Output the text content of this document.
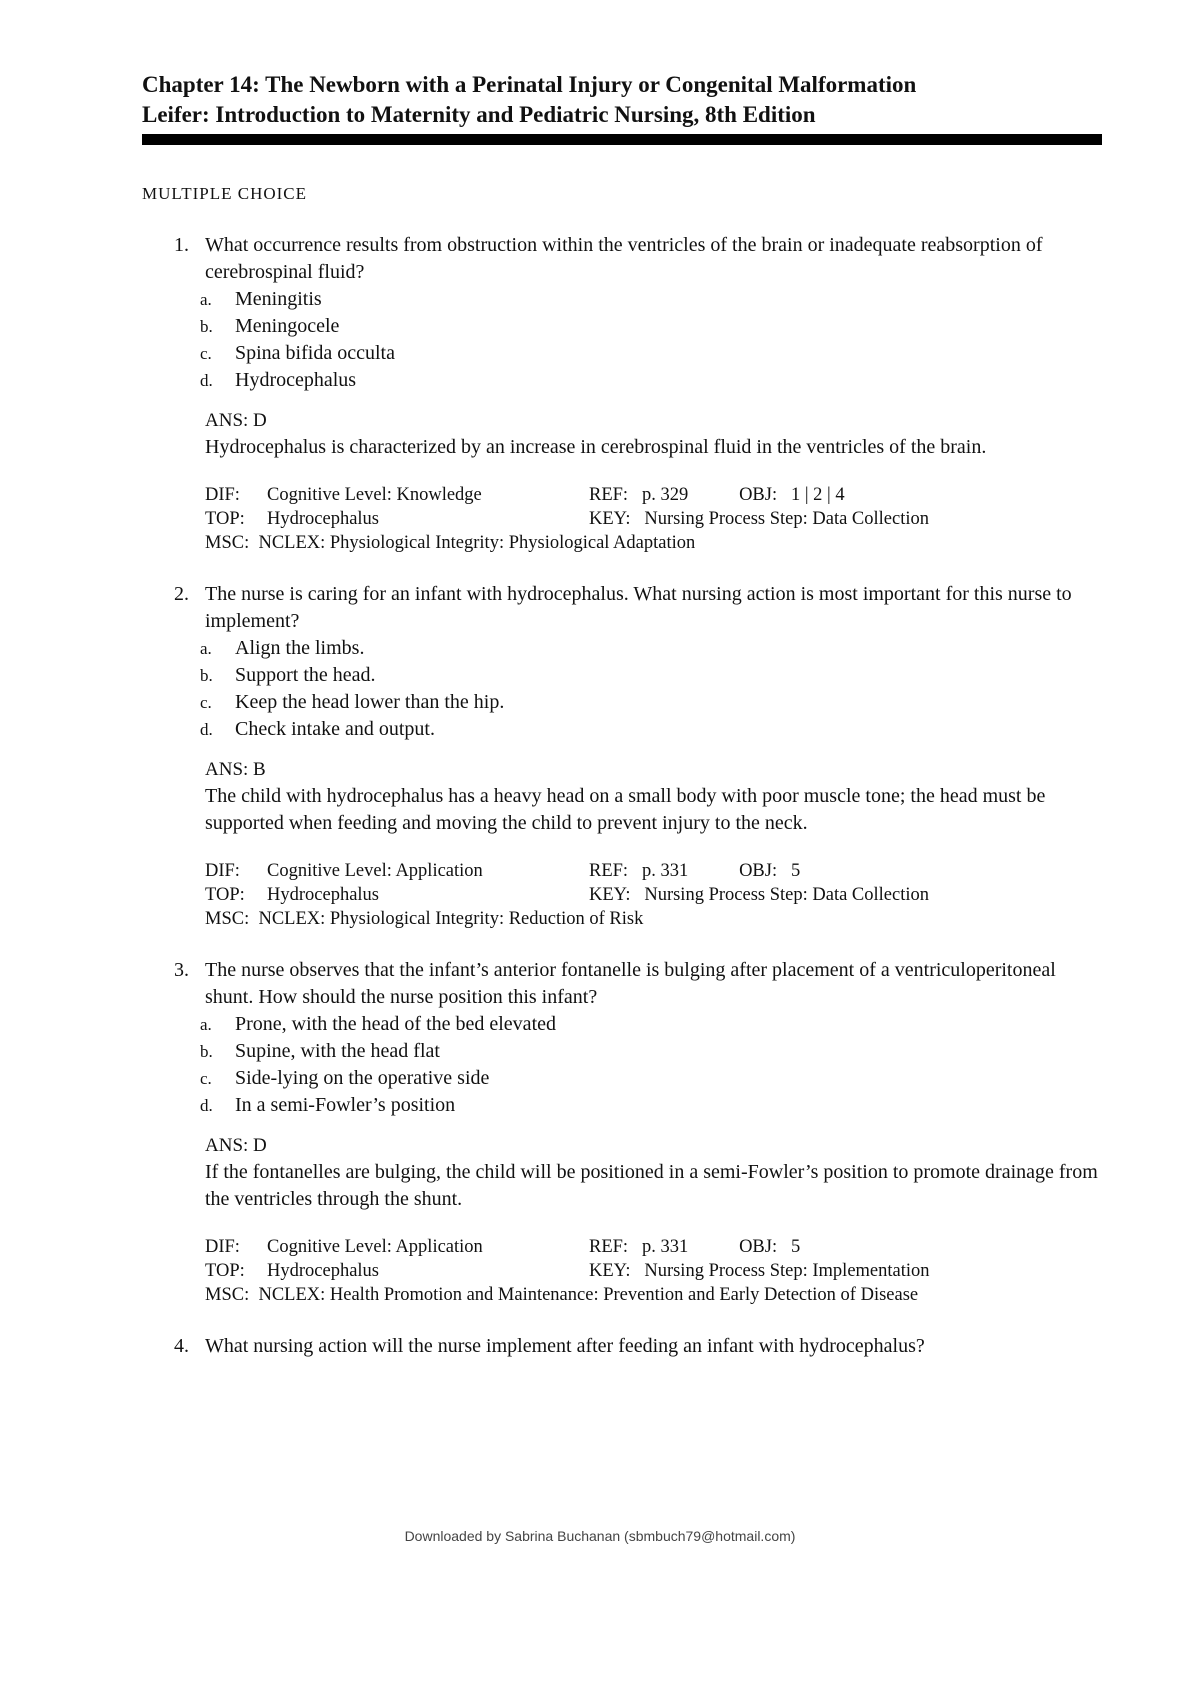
Chapter 14: The Newborn with a Perinatal Injury or Congenital Malformation
Leifer: Introduction to Maternity and Pediatric Nursing, 8th Edition
MULTIPLE CHOICE
1. What occurrence results from obstruction within the ventricles of the brain or inadequate reabsorption of cerebrospinal fluid?
a.	Meningitis
b.	Meningocele
c.	Spina bifida occulta
d.	Hydrocephalus
ANS: D
Hydrocephalus is characterized by an increase in cerebrospinal fluid in the ventricles of the brain.
DIF: Cognitive Level: Knowledge	REF:   p. 329           OBJ:   1 | 2 | 4
TOP: Hydrocephalus	KEY:   Nursing Process Step: Data Collection
MSC:  NCLEX: Physiological Integrity: Physiological Adaptation
2. The nurse is caring for an infant with hydrocephalus. What nursing action is most important for this nurse to implement?
a.	Align the limbs.
b.	Support the head.
c.	Keep the head lower than the hip.
d.	Check intake and output.
ANS: B
The child with hydrocephalus has a heavy head on a small body with poor muscle tone; the head must be supported when feeding and moving the child to prevent injury to the neck.
DIF: Cognitive Level: Application	REF:   p. 331           OBJ:   5
TOP: Hydrocephalus	KEY:   Nursing Process Step: Data Collection
MSC:  NCLEX: Physiological Integrity: Reduction of Risk
3. The nurse observes that the infant’s anterior fontanelle is bulging after placement of a ventriculoperitoneal shunt. How should the nurse position this infant?
a.	Prone, with the head of the bed elevated
b.	Supine, with the head flat
c.	Side-lying on the operative side
d.	In a semi-Fowler’s position
ANS: D
If the fontanelles are bulging, the child will be positioned in a semi-Fowler’s position to promote drainage from the ventricles through the shunt.
DIF: Cognitive Level: Application	REF:   p. 331           OBJ:   5
TOP: Hydrocephalus	KEY:   Nursing Process Step: Implementation
MSC:  NCLEX: Health Promotion and Maintenance: Prevention and Early Detection of Disease
4. What nursing action will the nurse implement after feeding an infant with hydrocephalus?
Downloaded by Sabrina Buchanan (sbmbuch79@hotmail.com)
